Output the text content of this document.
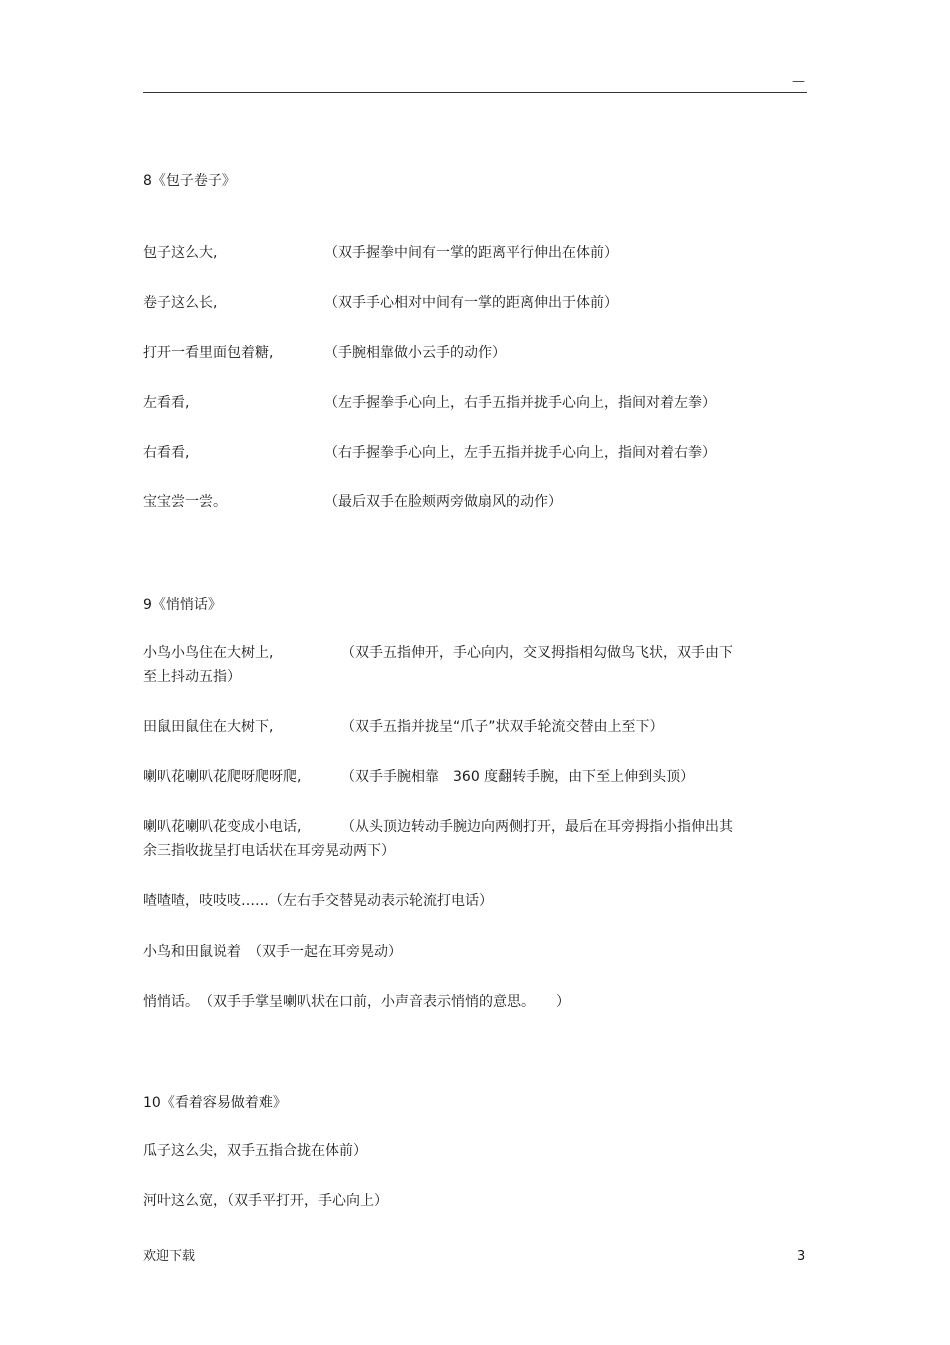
—
8《包子卷子》
包子这么大,	（双手握拳中间有一掌的距离平行伸出在体前）
卷子这么长,	（双手手心相对中间有一掌的距离伸出于体前）
打开一看里面包着糖,	（手腕相靠做小云手的动作）
左看看,	（左手握拳手心向上，右手五指并拢手心向上，指间对着左拳）
右看看,	（右手握拳手心向上，左手五指并拢手心向上，指间对着右拳）
宝宝尝一尝。	（最后双手在脸颊两旁做扇风的动作）
9《悄悄话》
小鸟小鸟住在大树上,	（双手五指伸开，手心向内，交叉拇指相勾做鸟飞状，双手由下
至上抖动五指）
田鼠田鼠住在大树下,	（双手五指并拢呈“爪子”状双手轮流交替由上至下）
喇叭花喇叭花爬呀爬呀爬,	（双手手腕相靠　360 度翻转手腕，由下至上伸到头顶）
喇叭花喇叭花变成小电话,	（从头顶边转动手腕边向两侧打开，最后在耳旁拇指小指伸出其
余三指收拢呈打电话状在耳旁晃动两下）
喳喳喳，吱吱吱……（左右手交替晃动表示轮流打电话）
小鸟和田鼠说着　（双手一起在耳旁晃动）
悄悄话。　（双手手掌呈喇叭状在口前，小声音表示悄悄的意思。　　）
10《看着容易做着难》
瓜子这么尖，双手五指合拢在体前）
河叶这么宽，（双手平打开，手心向上）
欢迎下载	3
